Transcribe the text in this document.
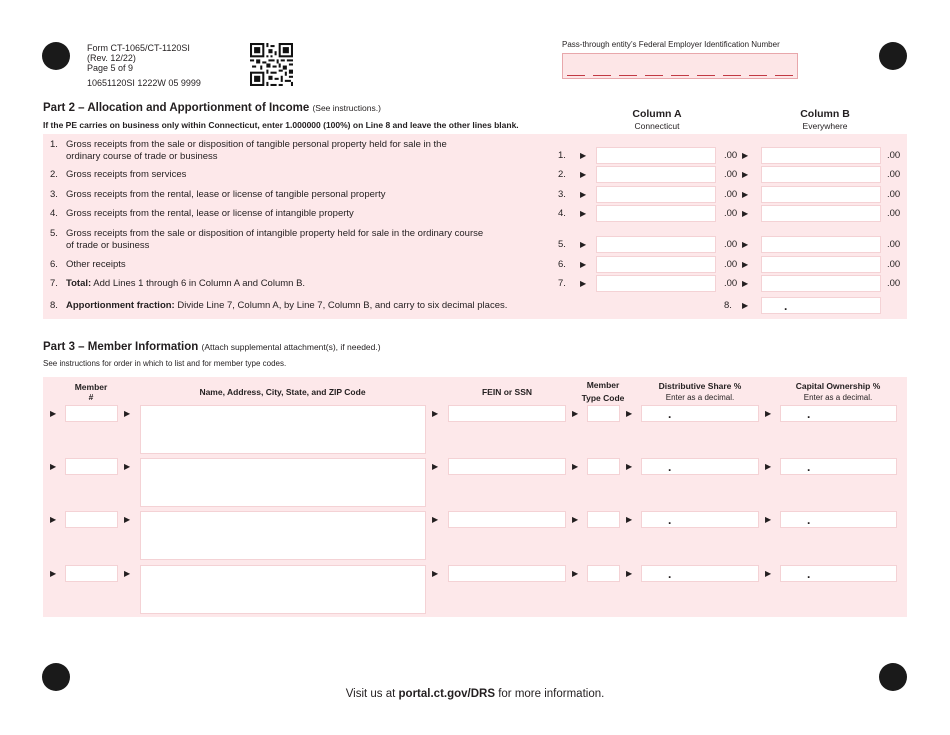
Form CT-1065/CT-1120SI
(Rev. 12/22)
Page 5 of 9
10651120SI 1222W 05 9999
Pass-through entity’s Federal Employer Identification Number
Part 2 – Allocation and Apportionment of Income (See instructions.)
If the PE carries on business only within Connecticut, enter 1.000000 (100%) on Line 8 and leave the other lines blank.
Column A
Connecticut
Column B
Everywhere
1. Gross receipts from the sale or disposition of tangible personal property held for sale in the
ordinary course of trade or business	1. ▶	.00 ▶	.00
2. Gross receipts from services	2. ▶	.00 ▶	.00
3. Gross receipts from the rental, lease or license of tangible personal property	3. ▶	.00 ▶	.00
4. Gross receipts from the rental, lease or license of intangible property	4. ▶	.00 ▶	.00
5. Gross receipts from the sale or disposition of intangible property held for sale in the ordinary course
of trade or business	5. ▶	.00 ▶	.00
6. Other receipts	6. ▶	.00 ▶	.00
7. Total: Add Lines 1 through 6 in Column A and Column B.	7. ▶	.00 ▶	.00
8. Apportionment fraction: Divide Line 7, Column A, by Line 7, Column B, and carry to six decimal places.	8. ▶	.
Part 3 – Member Information (Attach supplemental attachment(s), if needed.)
See instructions for order in which to list and for member type codes.
Member
#	Name, Address, City, State, and ZIP Code	FEIN or SSN
Member
Type Code
Distributive Share %
Enter as a decimal.
Capital Ownership %
Enter as a decimal.
▶	▶	▶	▶	▶	.	▶	.
▶	▶	▶	▶	▶	.	▶	.
▶	▶	▶	▶	▶	.	▶	.
▶	▶	▶	▶	▶	.	▶	.
Visit us at portal.ct.gov/DRS for more information.
